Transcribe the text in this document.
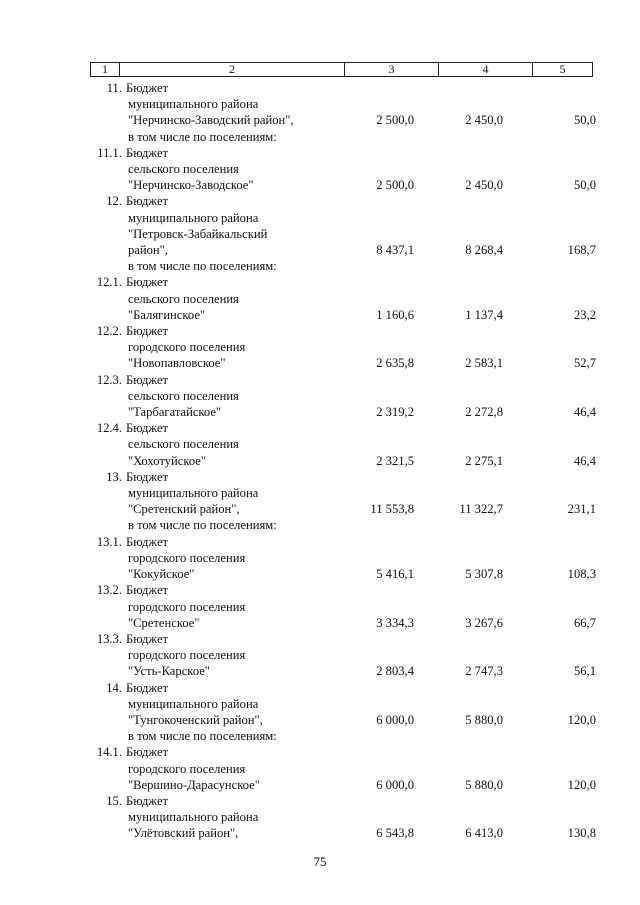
1	2	3	4	5
11. Бюджет
муниципального района
"Нерчинско-Заводский район",
в том числе по поселениям:
2 500,0	2 450,0	50,0
11.1. Бюджет
сельского поселения
"Нерчинско-Заводское"	2 500,0	2 450,0	50,0
12. Бюджет
муниципального района
"Петровск-Забайкальский
район",
в том числе по поселениям:
8 437,1	8 268,4	168,7
12.1. Бюджет
сельского поселения
"Балягинское"	1 160,6	1 137,4	23,2
12.2. Бюджет
городского поселения
"Новопавловское"	2 635,8	2 583,1	52,7
12.3. Бюджет
сельского поселения
"Тарбагатайское"	2 319,2	2 272,8	46,4
12.4. Бюджет
сельского поселения
"Хохотуйское"	2 321,5	2 275,1	46,4
13. Бюджет
муниципального района
"Сретенский район",
в том числе по поселениям:
11 553,8	11 322,7	231,1
13.1. Бюджет
городского поселения
"Кокуйское"	5 416,1	5 307,8	108,3
13.2. Бюджет
городского поселения
"Сретенское"	3 334,3	3 267,6	66,7
13.3. Бюджет
городского поселения
"Усть-Карское"	2 803,4	2 747,3	56,1
14. Бюджет
муниципального района
"Тунгокоченский район",
в том числе по поселениям:
6 000,0	5 880,0	120,0
14.1. Бюджет
городского поселения
"Вершино-Дарасунское"	6 000,0	5 880,0	120,0
15. Бюджет
муниципального района
"Улётовский район",	6 543,8	6 413,0	130,8
75
